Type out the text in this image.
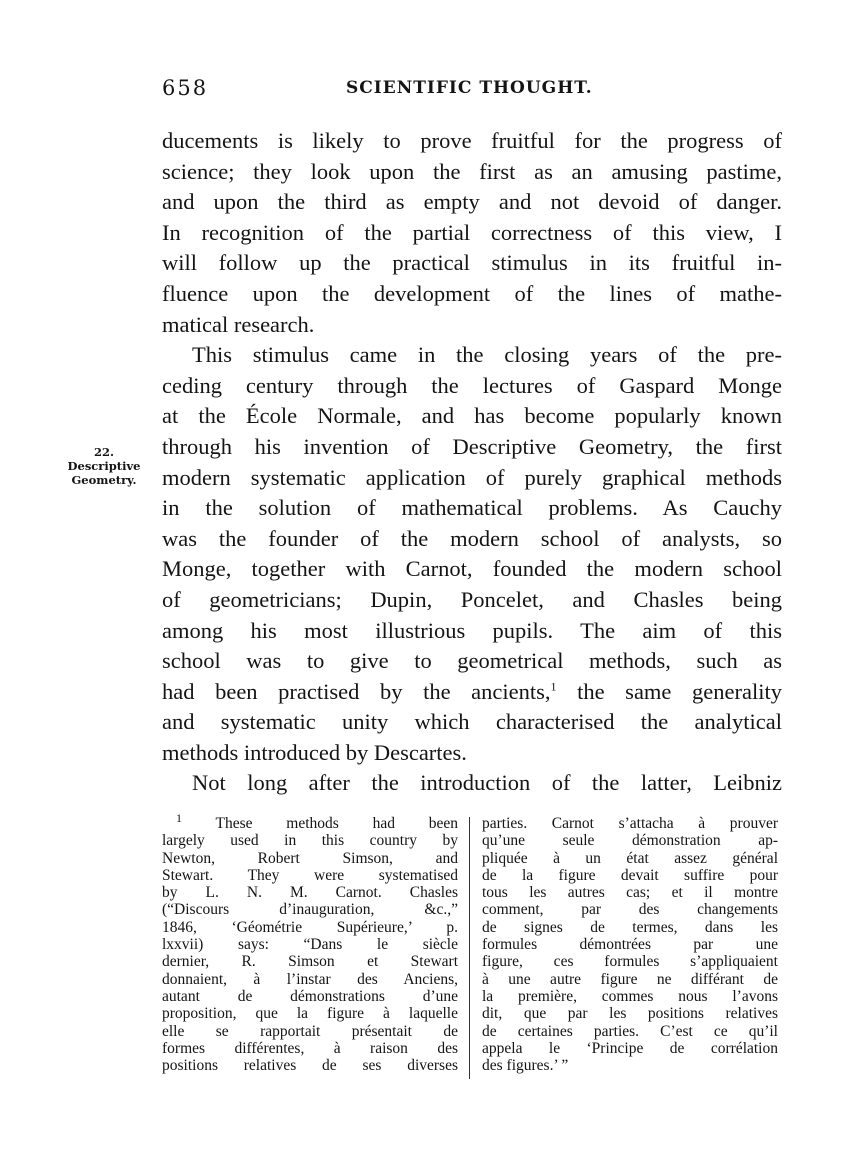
658	SCIENTIFIC THOUGHT.
22.
Descriptive
Geometry.
ducements is likely to prove fruitful for the progress of
science; they look upon the first as an amusing pastime,
and upon the third as empty and not devoid of danger.
In recognition of the partial correctness of this view, I
will follow up the practical stimulus in its fruitful in-
fluence upon the development of the lines of mathe-
matical research.
This stimulus came in the closing years of the pre-
ceding century through the lectures of Gaspard Monge
at the École Normale, and has become popularly known
through his invention of Descriptive Geometry, the first
modern systematic application of purely graphical methods
in the solution of mathematical problems. As Cauchy
was the founder of the modern school of analysts, so
Monge, together with Carnot, founded the modern school
of geometricians; Dupin, Poncelet, and Chasles being
among his most illustrious pupils. The aim of this
school was to give to geometrical methods, such as
had been practised by the ancients,$^1$ the same generality
and systematic unity which characterised the analytical
methods introduced by Descartes.
Not long after the introduction of the latter, Leibniz
$^1$ These methods had been
largely used in this country by
Newton, Robert Simson, and
Stewart. They were systematised
by L. N. M. Carnot. Chasles
(“Discours d’inauguration, &c.,”
1846, ‘Géométrie Supérieure,’ p.
lxxvii) says: “Dans le siècle
dernier, R. Simson et Stewart
donnaient, à l’instar des Anciens,
autant de démonstrations d’une
proposition, que la figure à laquelle
elle se rapportait présentait de
formes différentes, à raison des
positions relatives de ses diverses
parties. Carnot s’attacha à prouver
qu’une seule démonstration ap-
pliquée à un état assez général
de la figure devait suffire pour
tous les autres cas; et il montre
comment, par des changements
de signes de termes, dans les
formules démontrées par une
figure, ces formules s’appliquaient
à une autre figure ne différant de
la première, commes nous l’avons
dit, que par les positions relatives
de certaines parties. C’est ce qu’il
appela le ‘Principe de corrélation
des figures.’ ”
